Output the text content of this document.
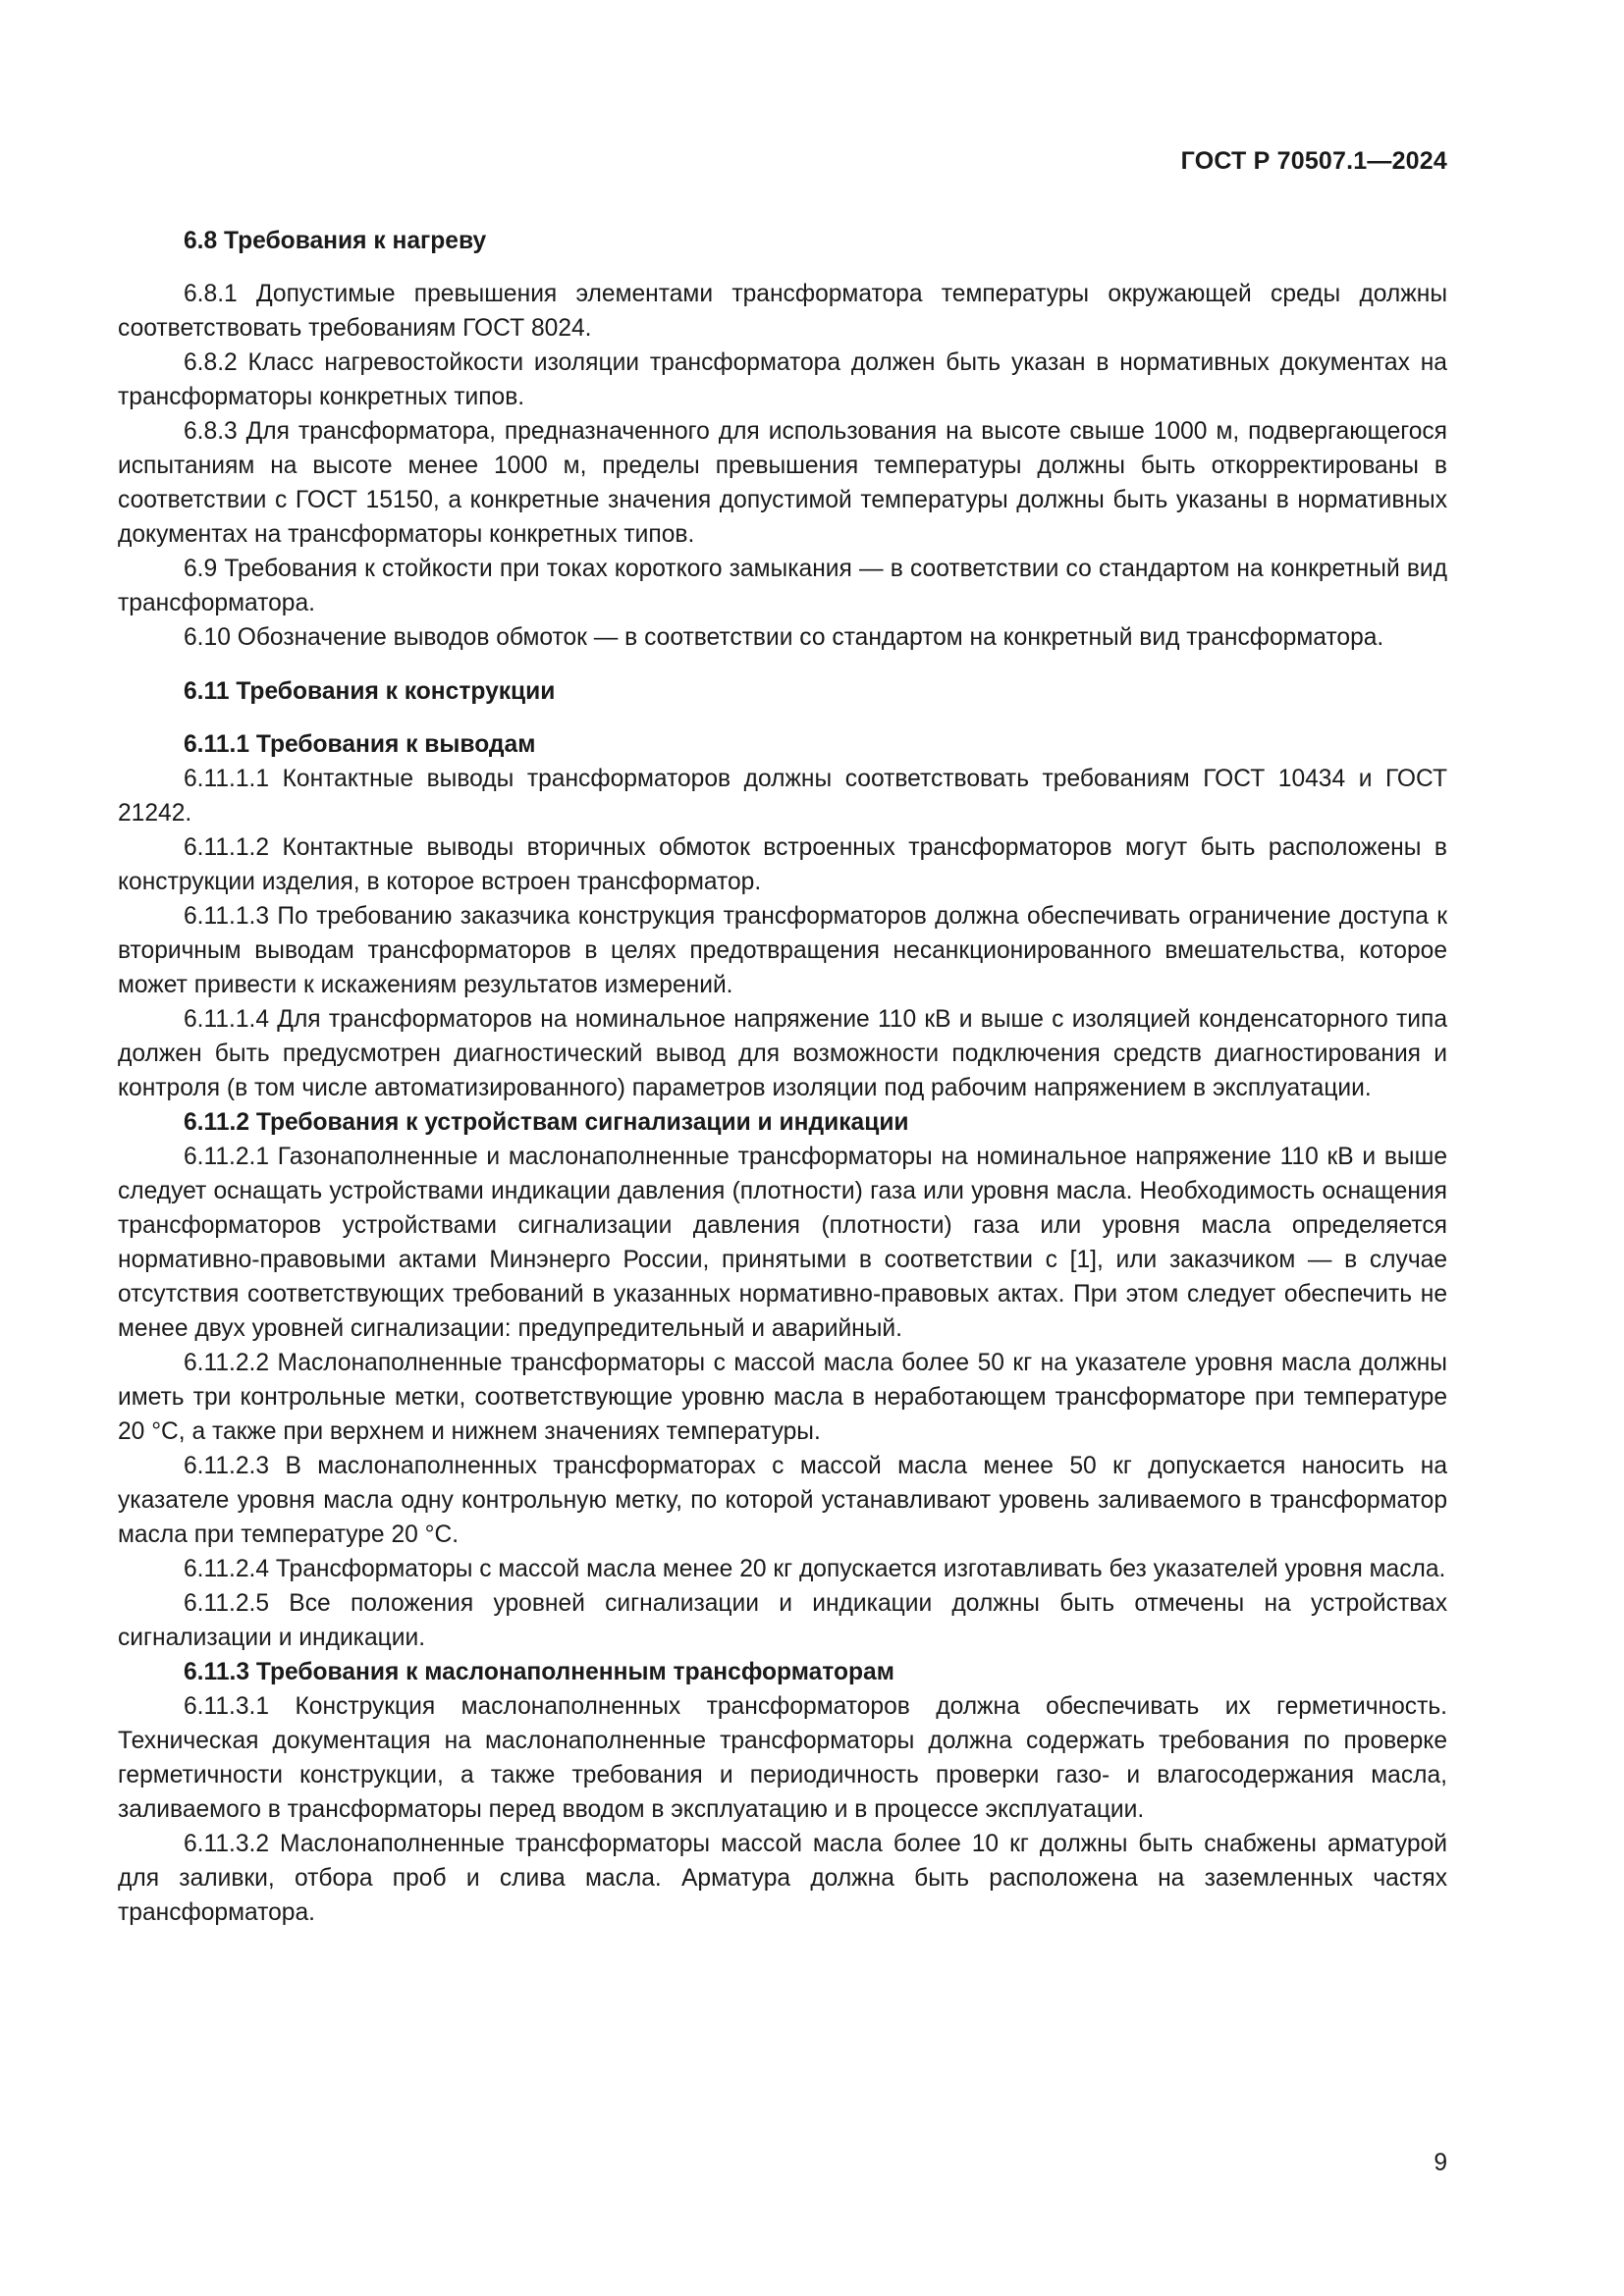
ГОСТ Р 70507.1—2024
6.8 Требования к нагреву

6.8.1 Допустимые превышения элементами трансформатора температуры окружающей среды должны соответствовать требованиям ГОСТ 8024.

6.8.2 Класс нагревостойкости изоляции трансформатора должен быть указан в нормативных документах на трансформаторы конкретных типов.

6.8.3 Для трансформатора, предназначенного для использования на высоте свыше 1000 м, подвергающегося испытаниям на высоте менее 1000 м, пределы превышения температуры должны быть откорректированы в соответствии с ГОСТ 15150, а конкретные значения допустимой температуры должны быть указаны в нормативных документах на трансформаторы конкретных типов.

6.9 Требования к стойкости при токах короткого замыкания — в соответствии со стандартом на конкретный вид трансформатора.

6.10 Обозначение выводов обмоток — в соответствии со стандартом на конкретный вид трансформатора.

6.11 Требования к конструкции
6.11.1 Требования к выводам

6.11.1.1 Контактные выводы трансформаторов должны соответствовать требованиям ГОСТ 10434 и ГОСТ 21242.

6.11.1.2 Контактные выводы вторичных обмоток встроенных трансформаторов могут быть расположены в конструкции изделия, в которое встроен трансформатор.

6.11.1.3 По требованию заказчика конструкция трансформаторов должна обеспечивать ограничение доступа к вторичным выводам трансформаторов в целях предотвращения несанкционированного вмешательства, которое может привести к искажениям результатов измерений.

6.11.1.4 Для трансформаторов на номинальное напряжение 110 кВ и выше с изоляцией конденсаторного типа должен быть предусмотрен диагностический вывод для возможности подключения средств диагностирования и контроля (в том числе автоматизированного) параметров изоляции под рабочим напряжением в эксплуатации.

6.11.2 Требования к устройствам сигнализации и индикации

6.11.2.1 Газонаполненные и маслонаполненные трансформаторы на номинальное напряжение 110 кВ и выше следует оснащать устройствами индикации давления (плотности) газа или уровня масла. Необходимость оснащения трансформаторов устройствами сигнализации давления (плотности) газа или уровня масла определяется нормативно-правовыми актами Минэнерго России, принятыми в соответствии с [1], или заказчиком — в случае отсутствия соответствующих требований в указанных нормативно-правовых актах. При этом следует обеспечить не менее двух уровней сигнализации: предупредительный и аварийный.

6.11.2.2 Маслонаполненные трансформаторы с массой масла более 50 кг на указателе уровня масла должны иметь три контрольные метки, соответствующие уровню масла в неработающем трансформаторе при температуре 20 °С, а также при верхнем и нижнем значениях температуры.

6.11.2.3 В маслонаполненных трансформаторах с массой масла менее 50 кг допускается наносить на указателе уровня масла одну контрольную метку, по которой устанавливают уровень заливаемого в трансформатор масла при температуре 20 °С.

6.11.2.4 Трансформаторы с массой масла менее 20 кг допускается изготавливать без указателей уровня масла.

6.11.2.5 Все положения уровней сигнализации и индикации должны быть отмечены на устройствах сигнализации и индикации.

6.11.3 Требования к маслонаполненным трансформаторам

6.11.3.1 Конструкция маслонаполненных трансформаторов должна обеспечивать их герметичность. Техническая документация на маслонаполненные трансформаторы должна содержать требования по проверке герметичности конструкции, а также требования и периодичность проверки газо- и влагосодержания масла, заливаемого в трансформаторы перед вводом в эксплуатацию и в процессе эксплуатации.

6.11.3.2 Маслонаполненные трансформаторы массой масла более 10 кг должны быть снабжены арматурой для заливки, отбора проб и слива масла. Арматура должна быть расположена на заземленных частях трансформатора.

9
